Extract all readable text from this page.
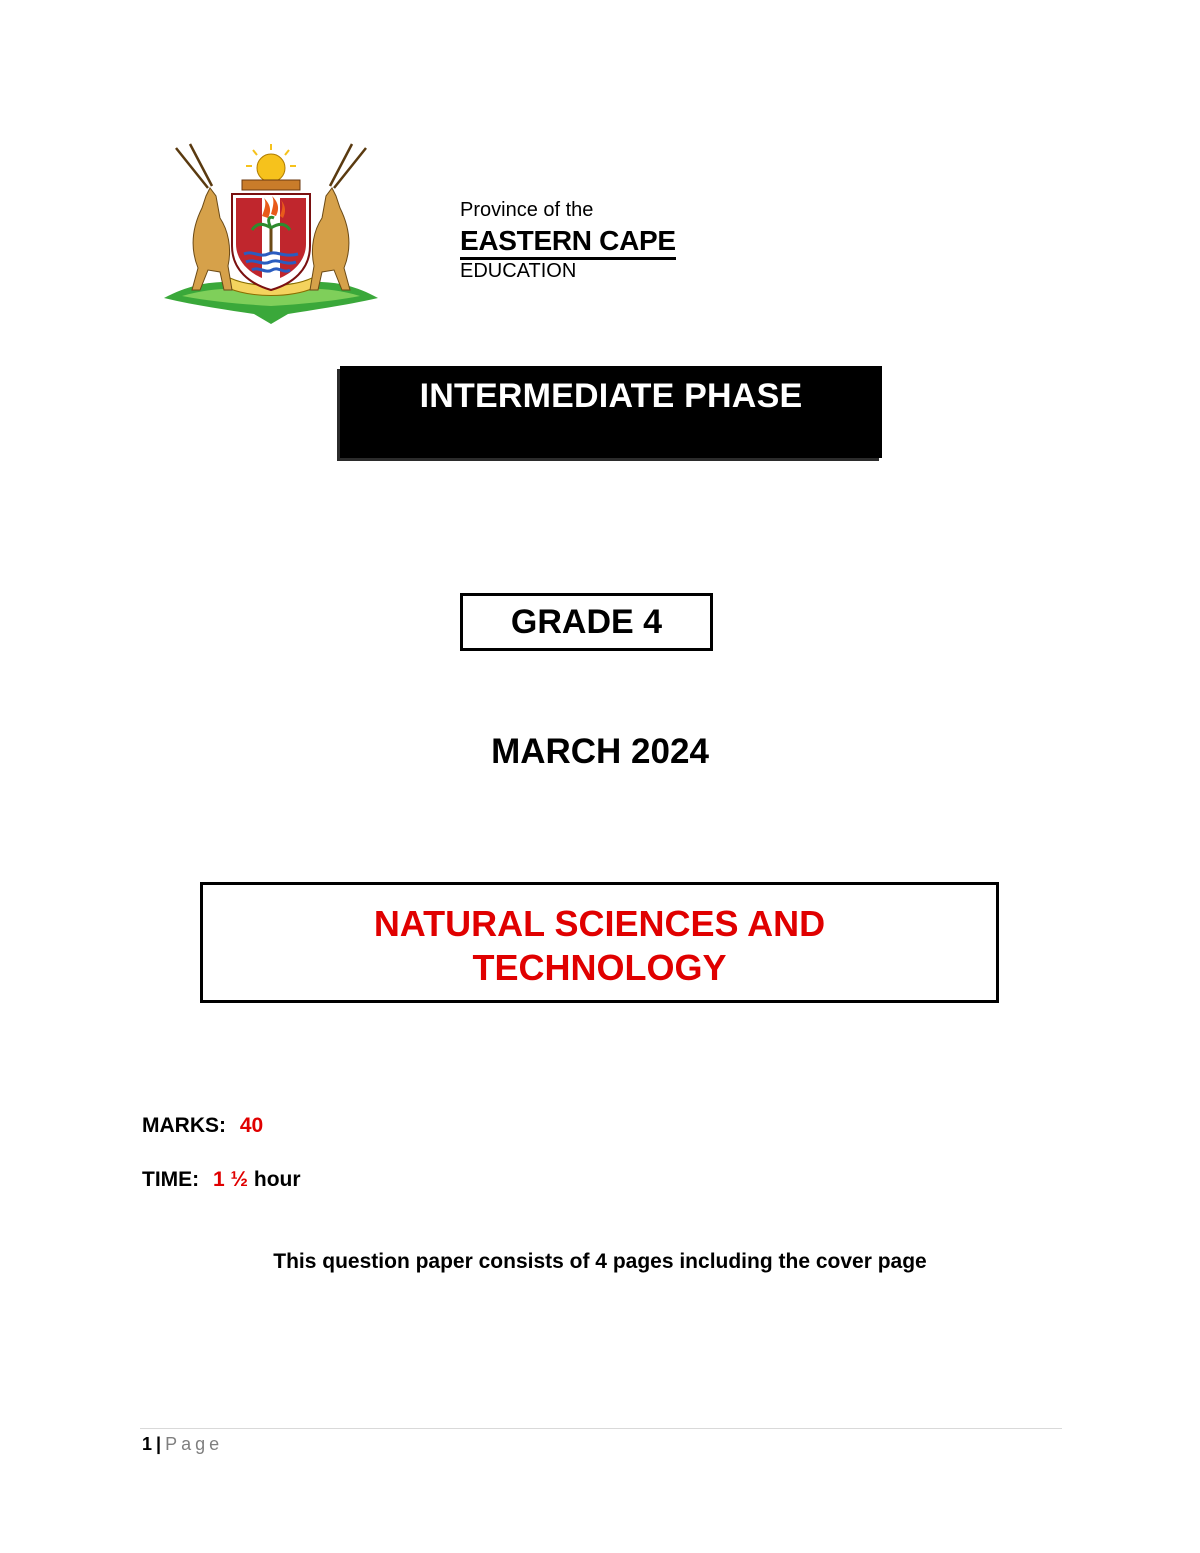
Province of the
EASTERN CAPE
EDUCATION
INTERMEDIATE PHASE
GRADE 4
MARCH 2024
NATURAL SCIENCES AND
TECHNOLOGY
MARKS: 40
TIME: 1 ½ hour
This question paper consists of 4 pages including the cover page
1 | Page
